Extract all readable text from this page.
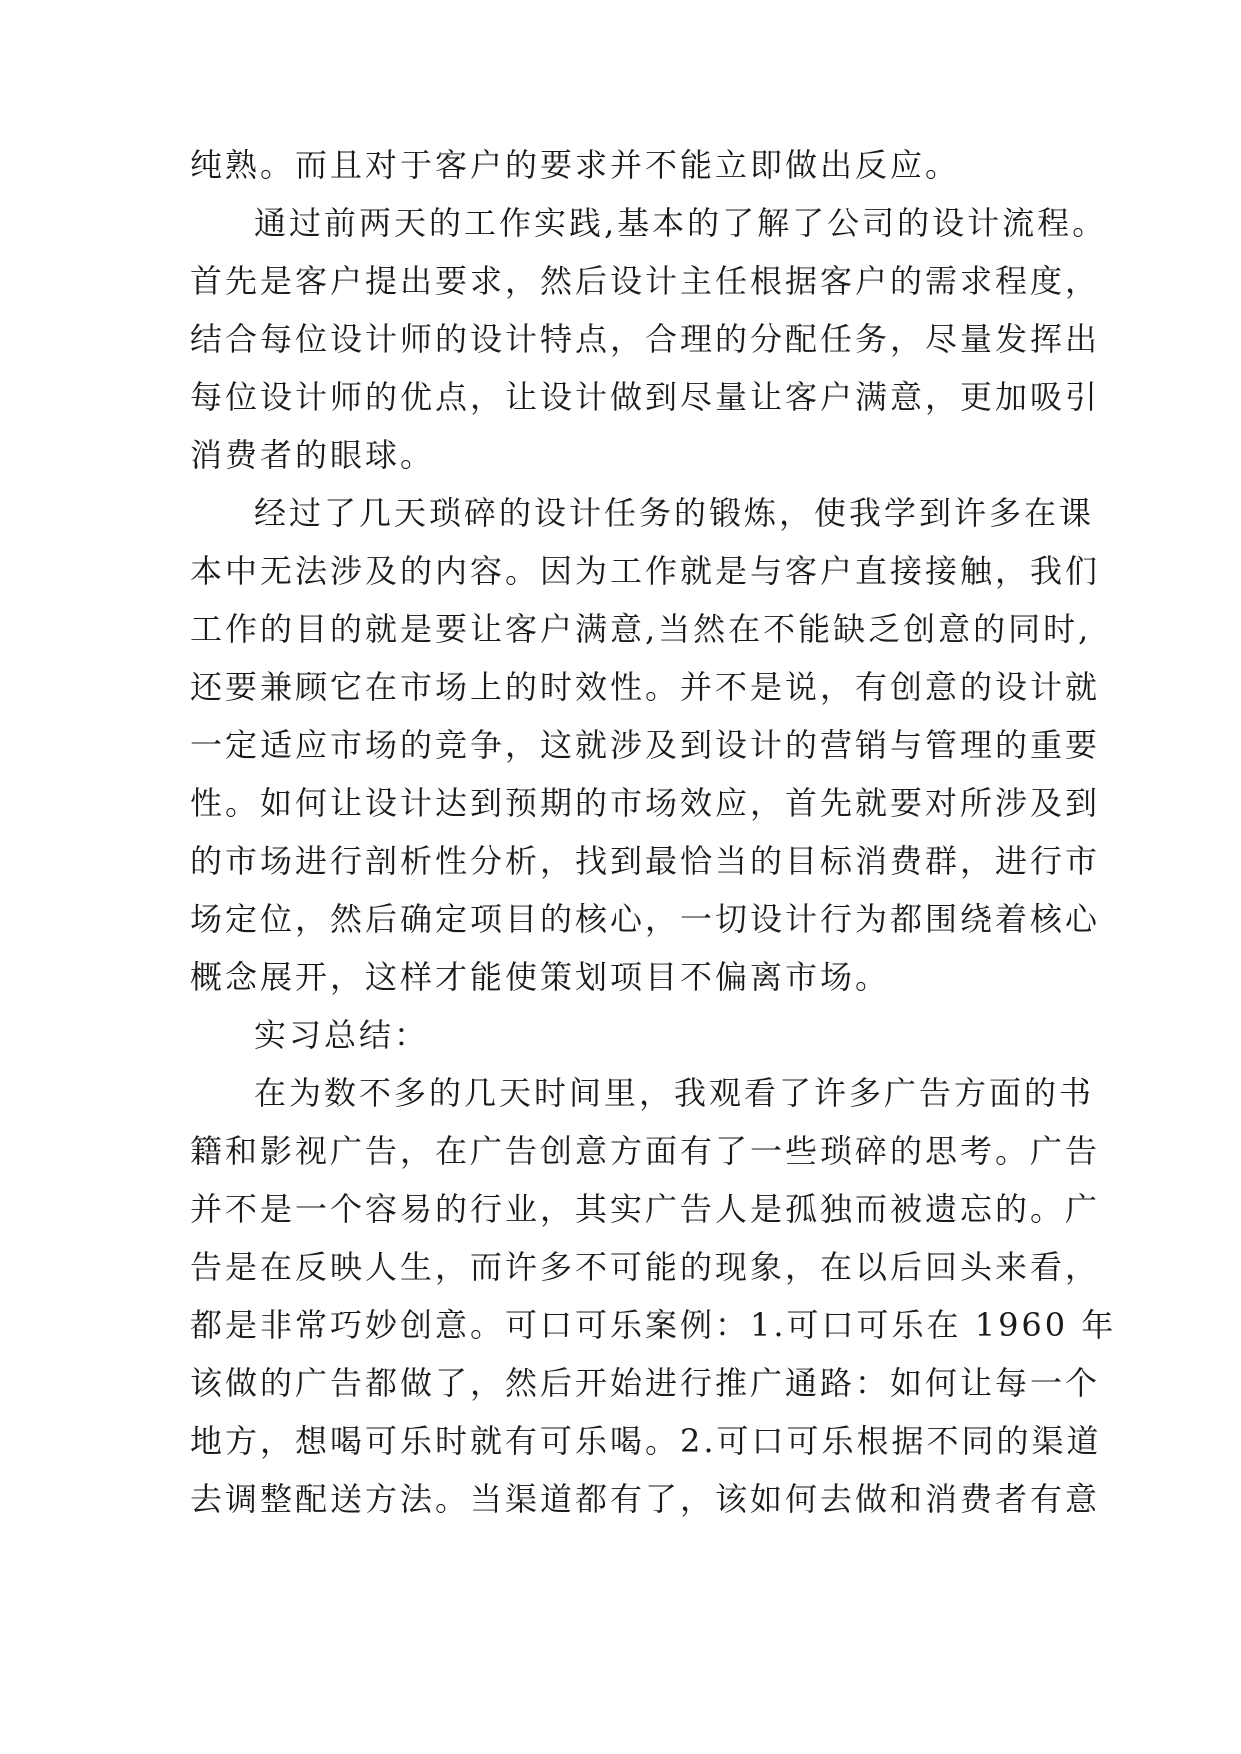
纯熟。而且对于客户的要求并不能立即做出反应。
通过前两天的工作实践,基本的了解了公司的设计流程。
首先是客户提出要求，然后设计主任根据客户的需求程度，
结合每位设计师的设计特点，合理的分配任务，尽量发挥出
每位设计师的优点，让设计做到尽量让客户满意，更加吸引
消费者的眼球。
经过了几天琐碎的设计任务的锻炼，使我学到许多在课
本中无法涉及的内容。因为工作就是与客户直接接触，我们
工作的目的就是要让客户满意,当然在不能缺乏创意的同时,
还要兼顾它在市场上的时效性。并不是说，有创意的设计就
一定适应市场的竞争，这就涉及到设计的营销与管理的重要
性。如何让设计达到预期的市场效应，首先就要对所涉及到
的市场进行剖析性分析，找到最恰当的目标消费群，进行市
场定位，然后确定项目的核心，一切设计行为都围绕着核心
概念展开，这样才能使策划项目不偏离市场。
实习总结：
在为数不多的几天时间里，我观看了许多广告方面的书
籍和影视广告，在广告创意方面有了一些琐碎的思考。广告
并不是一个容易的行业，其实广告人是孤独而被遗忘的。广
告是在反映人生，而许多不可能的现象，在以后回头来看，
都是非常巧妙创意。可口可乐案例：1.可口可乐在 1960 年
该做的广告都做了，然后开始进行推广通路：如何让每一个
地方，想喝可乐时就有可乐喝。2.可口可乐根据不同的渠道
去调整配送方法。当渠道都有了，该如何去做和消费者有意
